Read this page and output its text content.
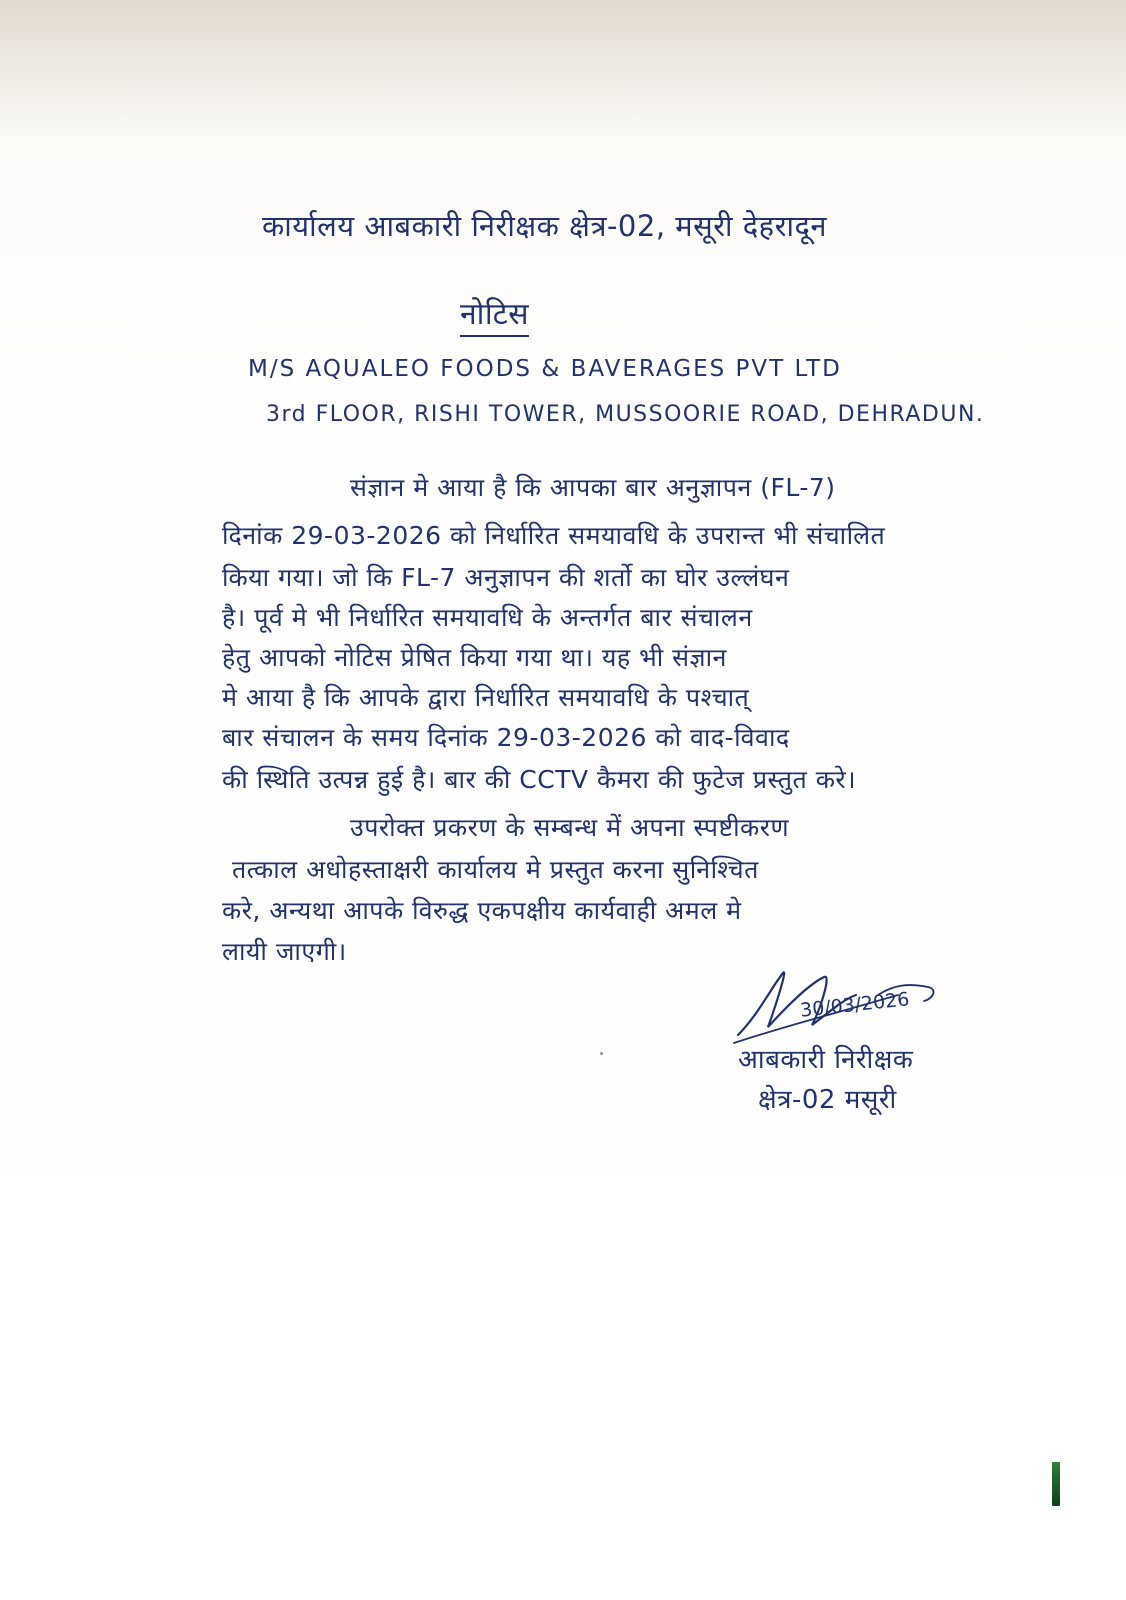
कार्यालय आबकारी निरीक्षक क्षेत्र-02, मसूरी देहरादून
नोटिस
M/S AQUALEO FOODS & BAVERAGES PVT LTD
3rd FLOOR, RISHI TOWER, MUSSOORIE ROAD, DEHRADUN.
संज्ञान मे आया है कि आपका बार अनुज्ञापन (FL-7)
दिनांक 29-03-2026 को निर्धारित समयावधि के उपरान्त भी संचालित
किया गया। जो कि FL-7 अनुज्ञापन की शर्तो का घोर उल्लंघन
है। पूर्व मे भी निर्धारित समयावधि के अन्तर्गत बार संचालन
हेतु आपको नोटिस प्रेषित किया गया था। यह भी संज्ञान
मे आया है कि आपके द्वारा निर्धारित समयावधि के पश्चात्
बार संचालन के समय दिनांक 29-03-2026 को वाद-विवाद
की स्थिति उत्पन्न हुई है। बार की CCTV कैमरा की फुटेज प्रस्तुत करे।
उपरोक्त प्रकरण के सम्बन्ध में अपना स्पष्टीकरण
तत्काल अधोहस्ताक्षरी कार्यालय मे प्रस्तुत करना सुनिश्चित
करे, अन्यथा आपके विरुद्ध एकपक्षीय कार्यवाही अमल मे
लायी जाएगी।
30/03/2026
आबकारी निरीक्षक
क्षेत्र-02 मसूरी
